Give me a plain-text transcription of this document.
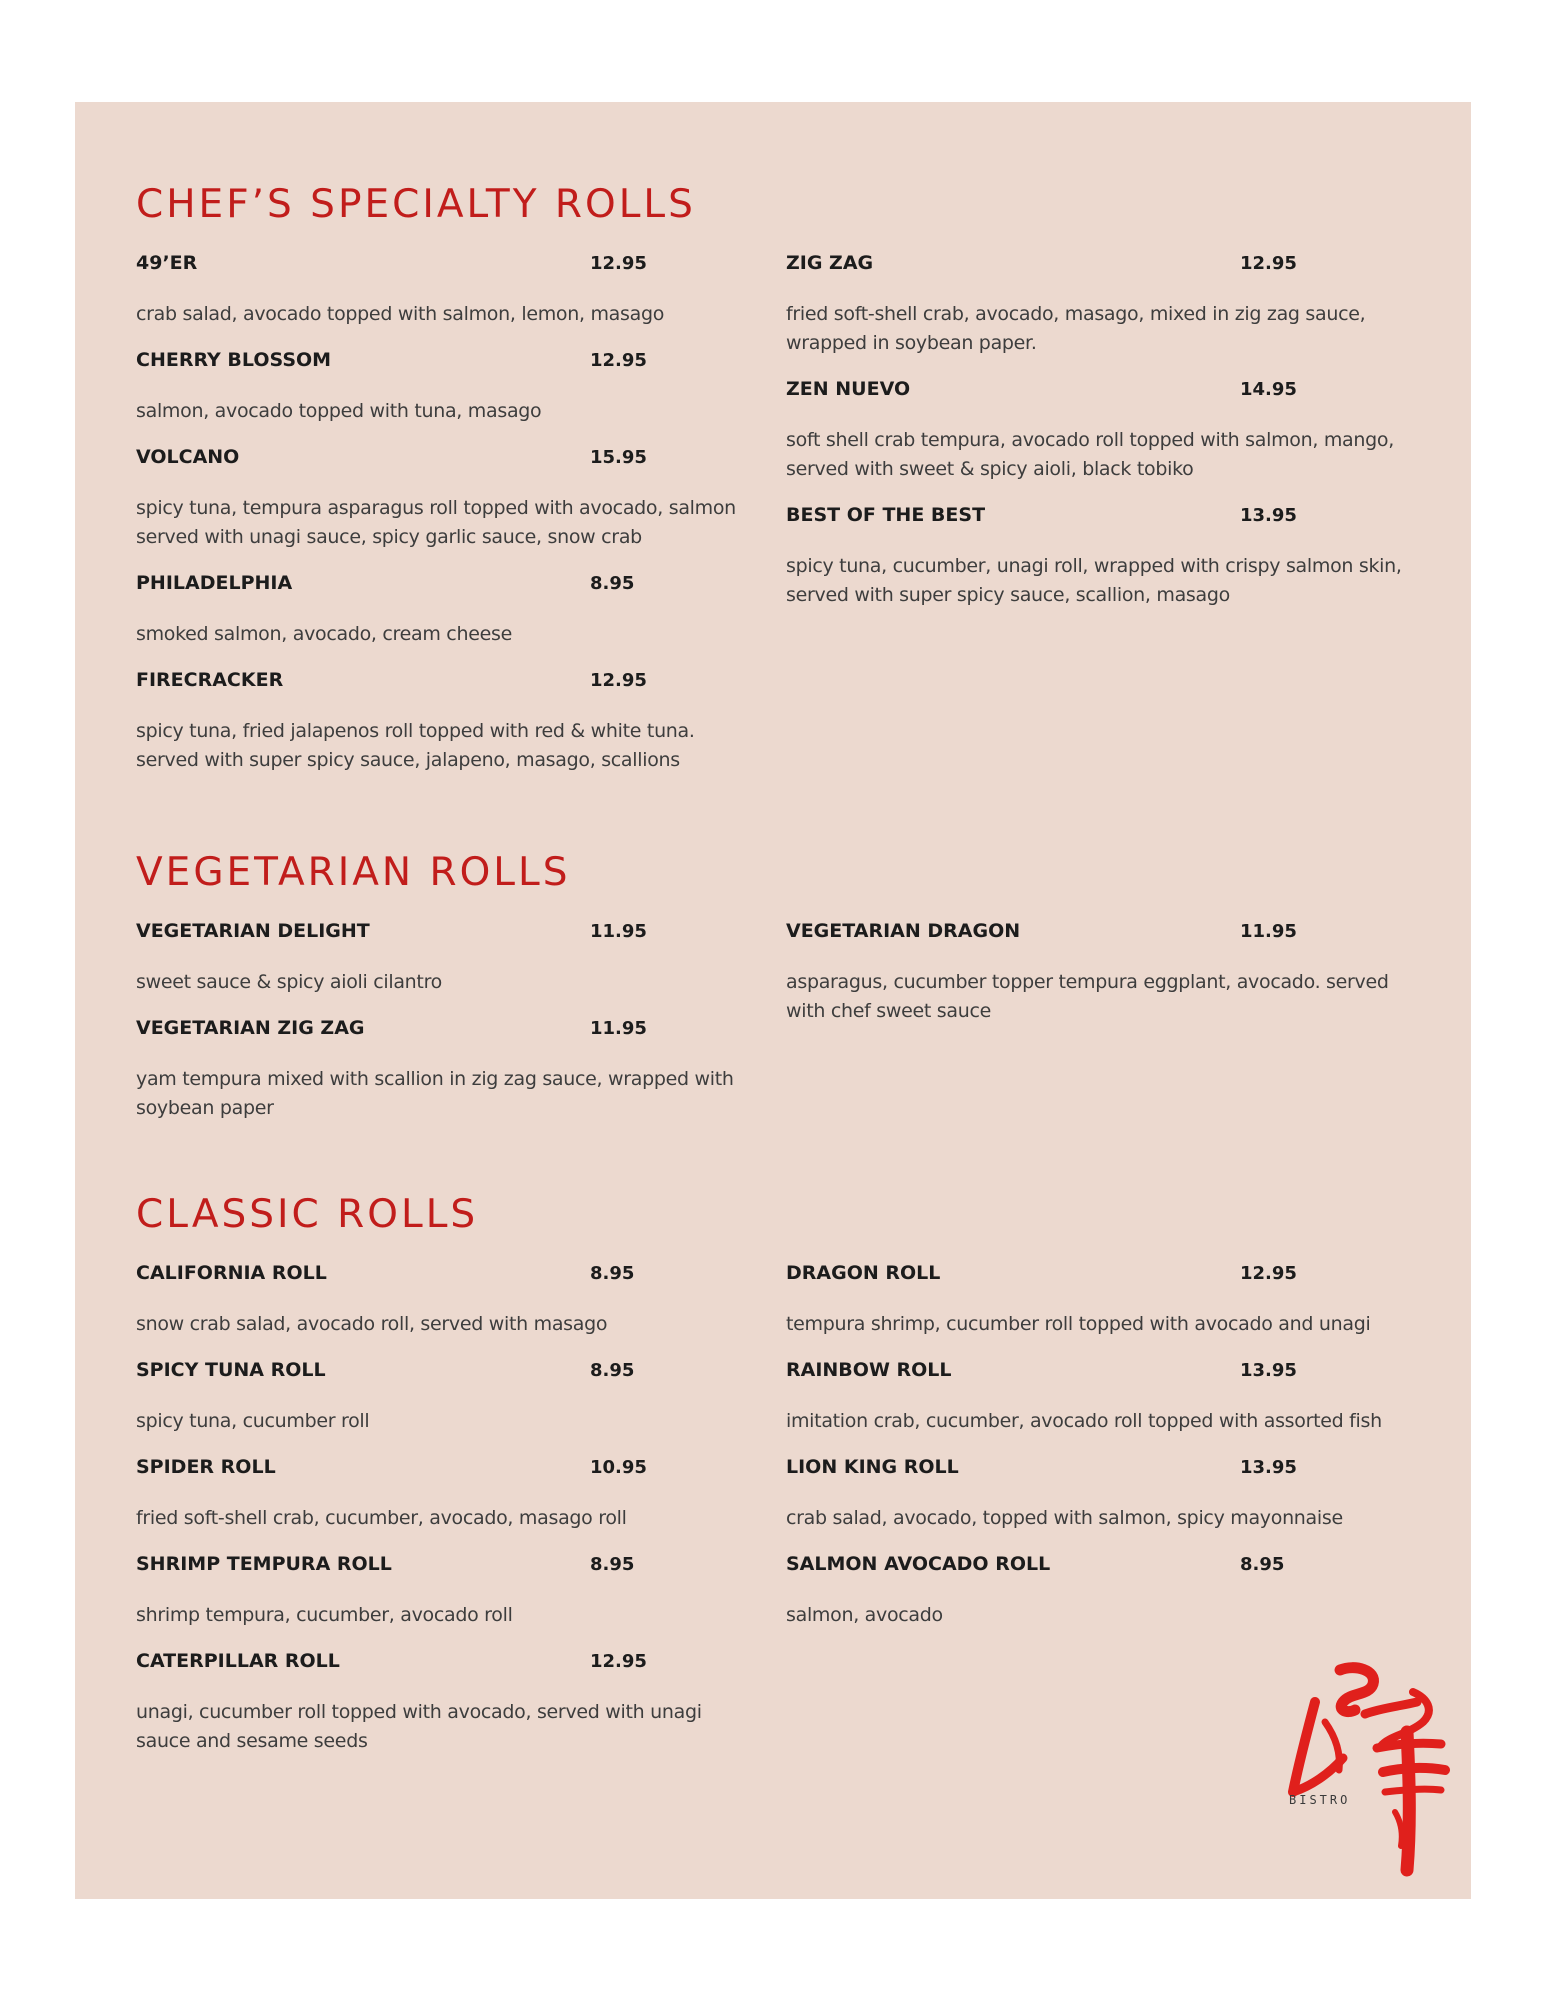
CHEF’S SPECIALTY ROLLS
49’ER	12.95
crab salad, avocado topped with salmon, lemon, masago
CHERRY BLOSSOM	12.95
salmon, avocado topped with tuna, masago
VOLCANO	15.95
spicy tuna, tempura asparagus roll topped with avocado, salmon served with unagi sauce, spicy garlic sauce, snow crab
PHILADELPHIA	8.95
smoked salmon, avocado, cream cheese
FIRECRACKER	12.95
spicy tuna, fried jalapenos roll topped with red & white tuna. served with super spicy sauce, jalapeno, masago, scallions
ZIG ZAG	12.95
fried soft-shell crab, avocado, masago, mixed in zig zag sauce, wrapped in soybean paper.
ZEN NUEVO	14.95
soft shell crab tempura, avocado roll topped with salmon, mango, served with sweet & spicy aioli, black tobiko
BEST OF THE BEST	13.95
spicy tuna, cucumber, unagi roll, wrapped with crispy salmon skin, served with super spicy sauce, scallion, masago
VEGETARIAN ROLLS
VEGETARIAN DELIGHT	11.95
sweet sauce & spicy aioli cilantro
VEGETARIAN ZIG ZAG	11.95
yam tempura mixed with scallion in zig zag sauce, wrapped with soybean paper
VEGETARIAN DRAGON	11.95
asparagus, cucumber topper tempura eggplant, avocado. served with chef sweet sauce
CLASSIC ROLLS
CALIFORNIA ROLL	8.95
snow crab salad, avocado roll, served with masago
SPICY TUNA ROLL	8.95
spicy tuna, cucumber roll
SPIDER ROLL	10.95
fried soft-shell crab, cucumber, avocado, masago roll
SHRIMP TEMPURA ROLL	8.95
shrimp tempura, cucumber, avocado roll
CATERPILLAR ROLL	12.95
unagi, cucumber roll topped with avocado, served with unagi sauce and sesame seeds
DRAGON ROLL	12.95
tempura shrimp, cucumber roll topped with avocado and unagi
RAINBOW ROLL	13.95
imitation crab, cucumber, avocado roll topped with assorted fish
LION KING ROLL	13.95
crab salad, avocado, topped with salmon, spicy mayonnaise
SALMON AVOCADO ROLL	8.95
salmon, avocado
BISTRO
